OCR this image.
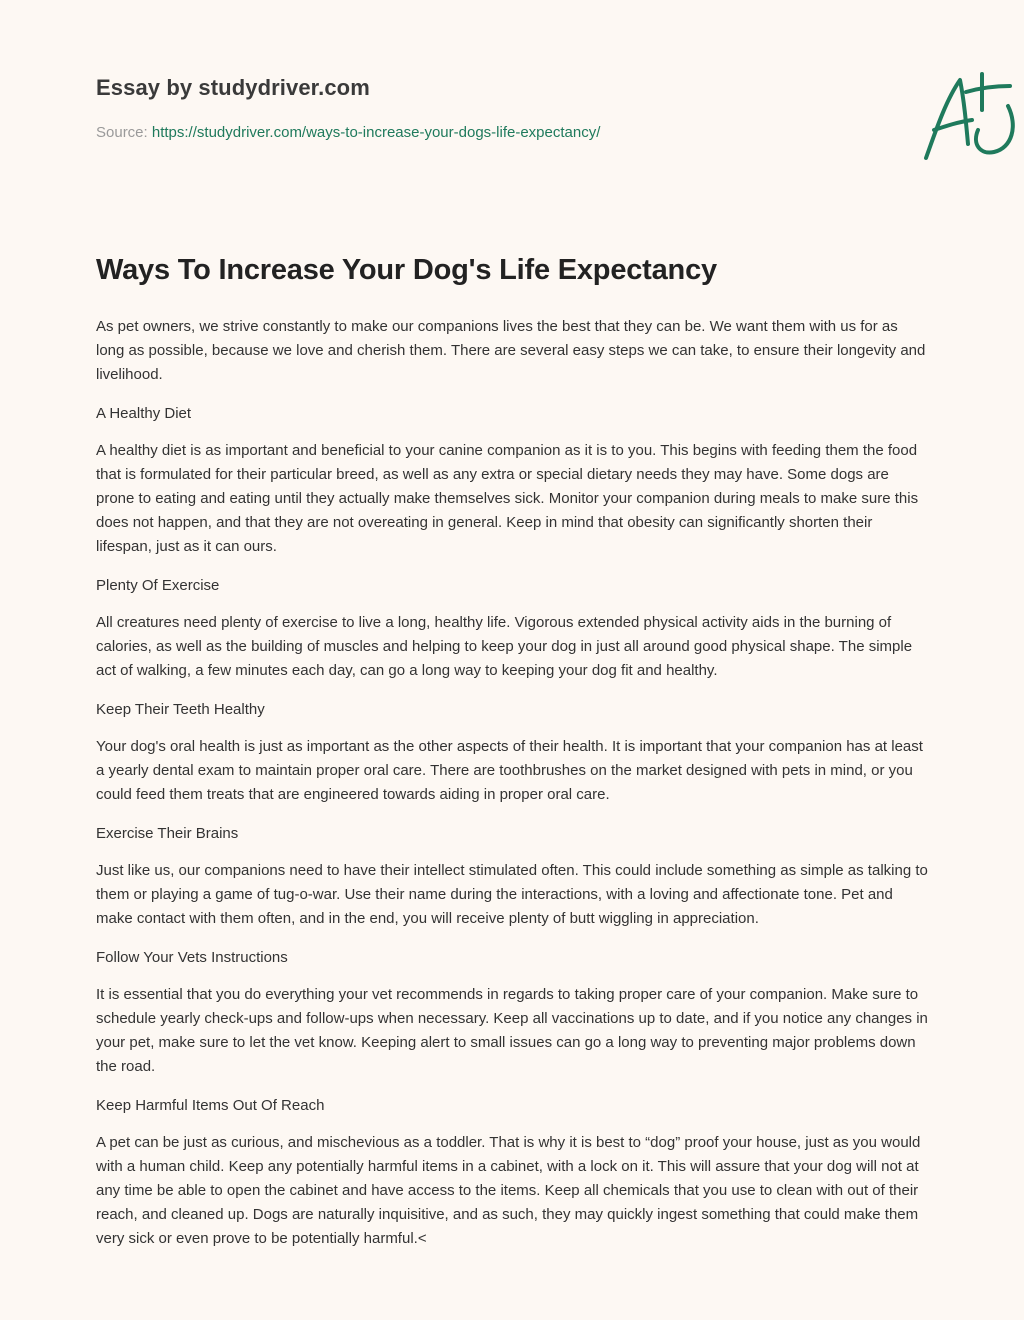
Essay by studydriver.com
Source: https://studydriver.com/ways-to-increase-your-dogs-life-expectancy/
Ways To Increase Your Dog's Life Expectancy

As pet owners, we strive constantly to make our companions lives the best that they can be. We want them with us for as long as possible, because we love and cherish them. There are several easy steps we can take, to ensure their longevity and livelihood.

A Healthy Diet

A healthy diet is as important and beneficial to your canine companion as it is to you. This begins with feeding them the food that is formulated for their particular breed, as well as any extra or special dietary needs they may have. Some dogs are prone to eating and eating until they actually make themselves sick. Monitor your companion during meals to make sure this does not happen, and that they are not overeating in general. Keep in mind that obesity can significantly shorten their lifespan, just as it can ours.

Plenty Of Exercise

All creatures need plenty of exercise to live a long, healthy life. Vigorous extended physical activity aids in the burning of calories, as well as the building of muscles and helping to keep your dog in just all around good physical shape. The simple act of walking, a few minutes each day, can go a long way to keeping your dog fit and healthy.

Keep Their Teeth Healthy

Your dog's oral health is just as important as the other aspects of their health. It is important that your companion has at least a yearly dental exam to maintain proper oral care. There are toothbrushes on the market designed with pets in mind, or you could feed them treats that are engineered towards aiding in proper oral care.

Exercise Their Brains

Just like us, our companions need to have their intellect stimulated often. This could include something as simple as talking to them or playing a game of tug-o-war. Use their name during the interactions, with a loving and affectionate tone. Pet and make contact with them often, and in the end, you will receive plenty of butt wiggling in appreciation.

Follow Your Vets Instructions

It is essential that you do everything your vet recommends in regards to taking proper care of your companion. Make sure to schedule yearly check-ups and follow-ups when necessary. Keep all vaccinations up to date, and if you notice any changes in your pet, make sure to let the vet know. Keeping alert to small issues can go a long way to preventing major problems down the road.

Keep Harmful Items Out Of Reach

A pet can be just as curious, and mischevious as a toddler. That is why it is best to “dog” proof your house, just as you would with a human child. Keep any potentially harmful items in a cabinet, with a lock on it. This will assure that your dog will not at any time be able to open the cabinet and have access to the items. Keep all chemicals that you use to clean with out of their reach, and cleaned up. Dogs are naturally inquisitive, and as such, they may quickly ingest something that could make them very sick or even prove to be potentially harmful.<
